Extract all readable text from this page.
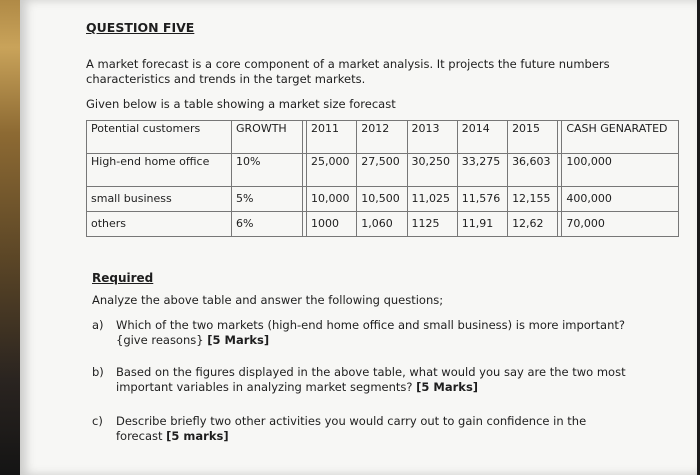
QUESTION FIVE
A market forecast is a core component of a market analysis. It projects the future numbers characteristics and trends in the target markets.
Given below is a table showing a market size forecast
Potential customers	GROWTH		2011	2012	2013	2014	2015		CASH GENARATED
High-end home office	10%		25,000	27,500	30,250	33,275	36,603		100,000
small business	5%		10,000	10,500	11,025	11,576	12,155		400,000
others	6%		1000	1,060	1125	11,91	12,62		70,000
Required
Analyze the above table and answer the following questions;
a) Which of the two markets (high-end home office and small business) is more important? {give reasons} [5 Marks]
b) Based on the figures displayed in the above table, what would you say are the two most important variables in analyzing market segments? [5 Marks]
c) Describe briefly two other activities you would carry out to gain confidence in the forecast [5 marks]
